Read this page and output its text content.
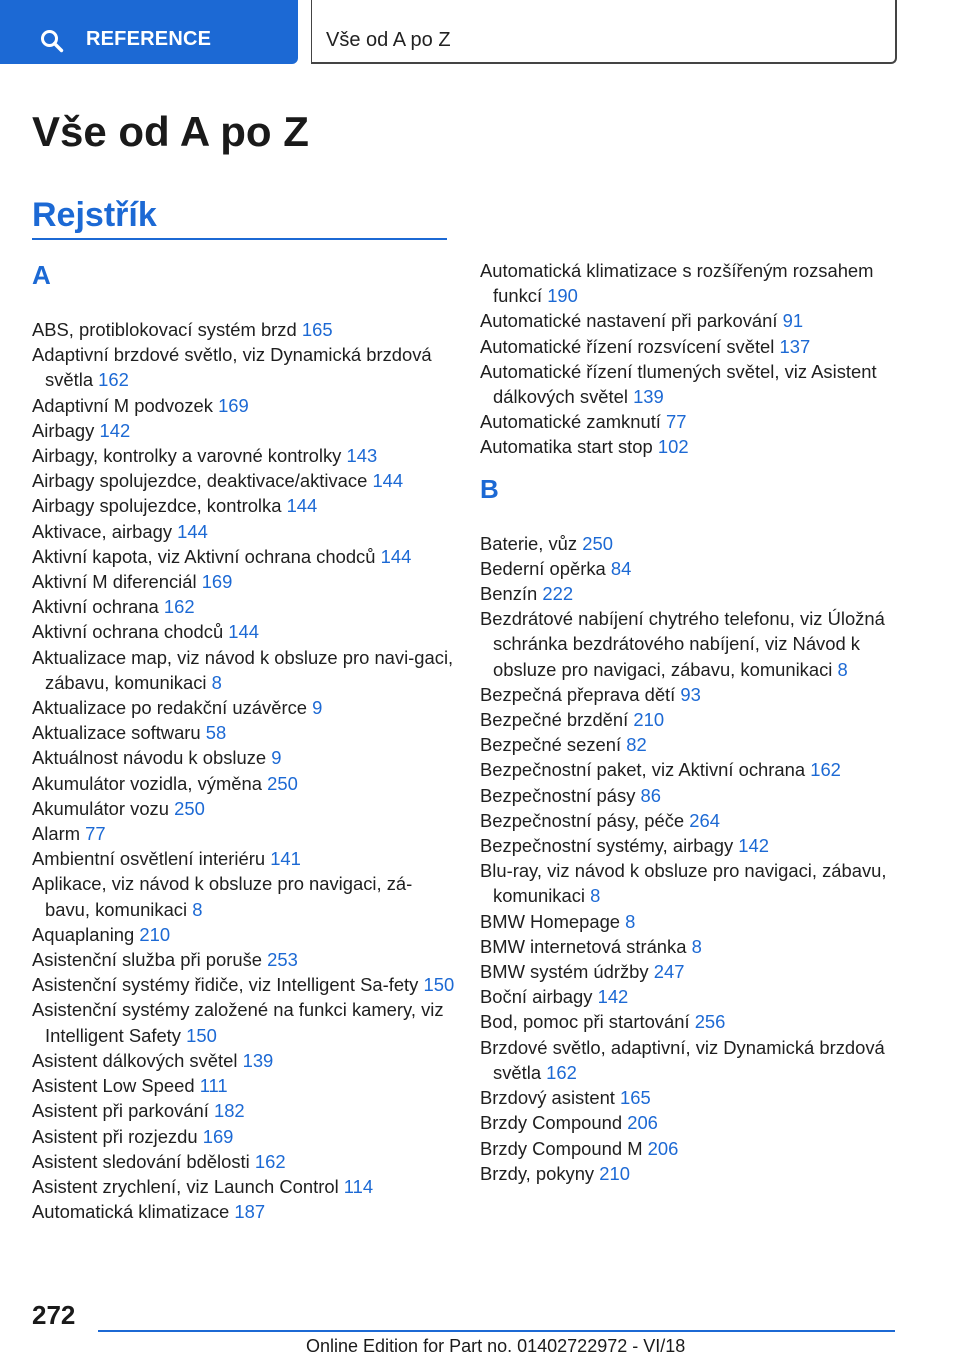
REFERENCE	Vše od A po Z
Vše od A po Z
Rejstřík
A
ABS, protiblokovací systém brzd 165
Adaptivní brzdové světlo, viz Dynamická brzdová světla 162
Adaptivní M podvozek 169
Airbagy 142
Airbagy, kontrolky a varovné kontrolky 143
Airbagy spolujezdce, deaktivace/aktivace 144
Airbagy spolujezdce, kontrolka 144
Aktivace, airbagy 144
Aktivní kapota, viz Aktivní ochrana chodců 144
Aktivní M diferenciál 169
Aktivní ochrana 162
Aktivní ochrana chodců 144
Aktualizace map, viz návod k obsluze pro navi-gaci, zábavu, komunikaci 8
Aktualizace po redakční uzávěrce 9
Aktualizace softwaru 58
Aktuálnost návodu k obsluze 9
Akumulátor vozidla, výměna 250
Akumulátor vozu 250
Alarm 77
Ambientní osvětlení interiéru 141
Aplikace, viz návod k obsluze pro navigaci, zá-bavu, komunikaci 8
Aquaplaning 210
Asistenční služba při poruše 253
Asistenční systémy řidiče, viz Intelligent Sa-fety 150
Asistenční systémy založené na funkci kamery, viz Intelligent Safety 150
Asistent dálkových světel 139
Asistent Low Speed 111
Asistent při parkování 182
Asistent při rozjezdu 169
Asistent sledování bdělosti 162
Asistent zrychlení, viz Launch Control 114
Automatická klimatizace 187
Automatická klimatizace s rozšířeným rozsahem funkcí 190
Automatické nastavení při parkování 91
Automatické řízení rozsvícení světel 137
Automatické řízení tlumených světel, viz Asistent dálkových světel 139
Automatické zamknutí 77
Automatika start stop 102
B
Baterie, vůz 250
Bederní opěrka 84
Benzín 222
Bezdrátové nabíjení chytrého telefonu, viz Úložná schránka bezdrátového nabíjení, viz Návod k obsluze pro navigaci, zábavu, komunikaci 8
Bezpečná přeprava dětí 93
Bezpečné brzdění 210
Bezpečné sezení 82
Bezpečnostní paket, viz Aktivní ochrana 162
Bezpečnostní pásy 86
Bezpečnostní pásy, péče 264
Bezpečnostní systémy, airbagy 142
Blu-ray, viz návod k obsluze pro navigaci, zábavu, komunikaci 8
BMW Homepage 8
BMW internetová stránka 8
BMW systém údržby 247
Boční airbagy 142
Bod, pomoc při startování 256
Brzdové světlo, adaptivní, viz Dynamická brzdová světla 162
Brzdový asistent 165
Brzdy Compound 206
Brzdy Compound M 206
Brzdy, pokyny 210
272
Online Edition for Part no. 01402722972 - VI/18
